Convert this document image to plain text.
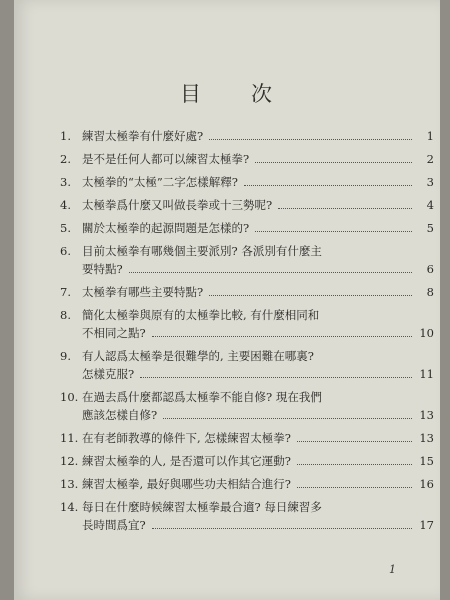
目 次
1. 練習太極拳有什麼好處?	1
2. 是不是任何人都可以練習太極拳?	2
3. 太極拳的“太極”二字怎樣解釋?	3
4. 太極拳爲什麼又叫做長拳或十三勢呢?	4
5. 關於太極拳的起源問題是怎樣的?	5
6. 目前太極拳有哪幾個主要派別? 各派別有什麼主
要特點?	6
7. 太極拳有哪些主要特點?	8
8. 簡化太極拳與原有的太極拳比較, 有什麼相同和
不相同之點?	10
9. 有人認爲太極拳是很難學的, 主要困難在哪裏?
怎樣克服?	11
10. 在過去爲什麼都認爲太極拳不能自修? 現在我們
應該怎樣自修?	13
11. 在有老師教導的條件下, 怎樣練習太極拳?	13
12. 練習太極拳的人, 是否還可以作其它運動?	15
13. 練習太極拳, 最好與哪些功夫相結合進行?	16
14. 每日在什麼時候練習太極拳最合適? 每日練習多
長時間爲宜?	17
1
